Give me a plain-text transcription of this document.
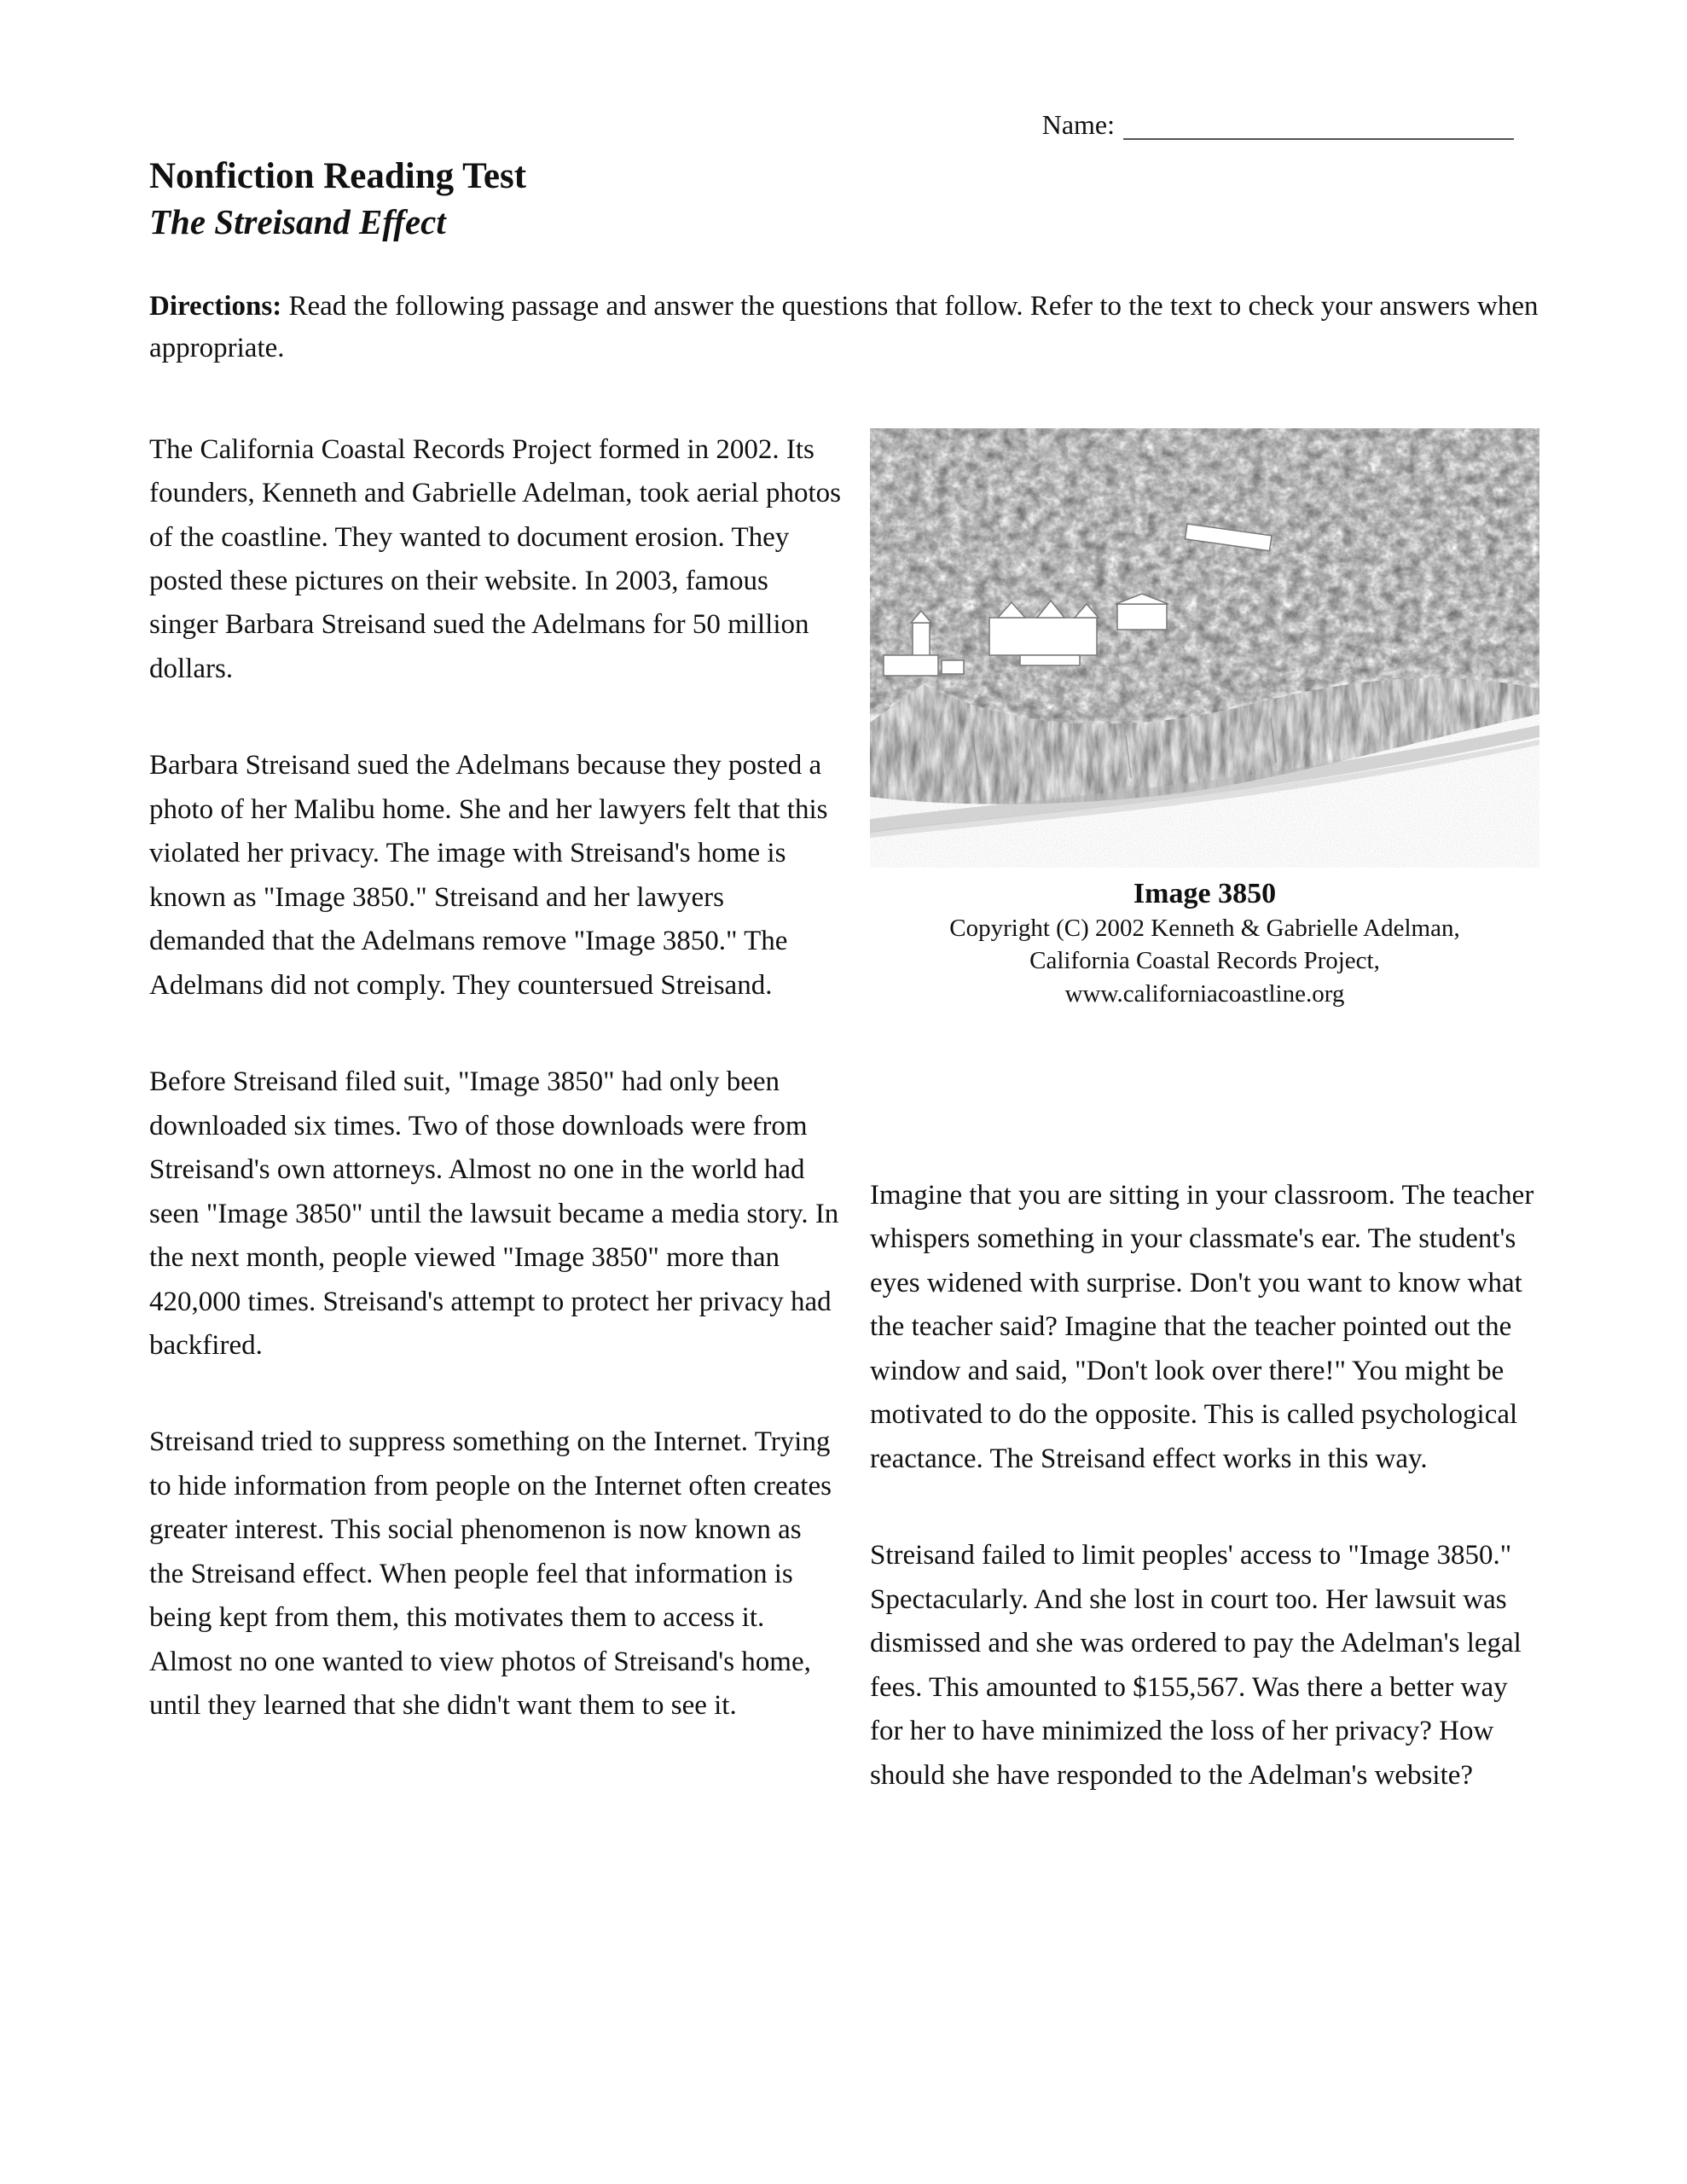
Name:
Nonfiction Reading Test
The Streisand Effect

Directions: Read the following passage and answer the questions that follow. Refer to the text to check your answers when appropriate.

The California Coastal Records Project formed in 2002. Its founders, Kenneth and Gabrielle Adelman, took aerial photos of the coastline. They wanted to document erosion. They posted these pictures on their website. In 2003, famous singer Barbara Streisand sued the Adelmans for 50 million dollars.

Barbara Streisand sued the Adelmans because they posted a photo of her Malibu home. She and her lawyers felt that this violated her privacy. The image with Streisand's home is known as "Image 3850." Streisand and her lawyers demanded that the Adelmans remove "Image 3850." The Adelmans did not comply. They countersued Streisand.

Before Streisand filed suit, "Image 3850" had only been downloaded six times. Two of those downloads were from Streisand's own attorneys. Almost no one in the world had seen "Image 3850" until the lawsuit became a media story. In the next month, people viewed "Image 3850" more than 420,000 times. Streisand's attempt to protect her privacy had backfired.

Streisand tried to suppress something on the Internet. Trying to hide information from people on the Internet often creates greater interest. This social phenomenon is now known as the Streisand effect. When people feel that information is being kept from them, this motivates them to access it. Almost no one wanted to view photos of Streisand's home, until they learned that she didn't want them to see it.

Image 3850
Copyright (C) 2002 Kenneth & Gabrielle Adelman,
California Coastal Records Project,
www.californiacoastline.org

Imagine that you are sitting in your classroom. The teacher whispers something in your classmate's ear. The student's eyes widened with surprise. Don't you want to know what the teacher said? Imagine that the teacher pointed out the window and said, "Don't look over there!" You might be motivated to do the opposite. This is called psychological reactance. The Streisand effect works in this way.

Streisand failed to limit peoples' access to "Image 3850." Spectacularly. And she lost in court too. Her lawsuit was dismissed and she was ordered to pay the Adelman's legal fees. This amounted to $155,567. Was there a better way for her to have minimized the loss of her privacy? How should she have responded to the Adelman's website?
